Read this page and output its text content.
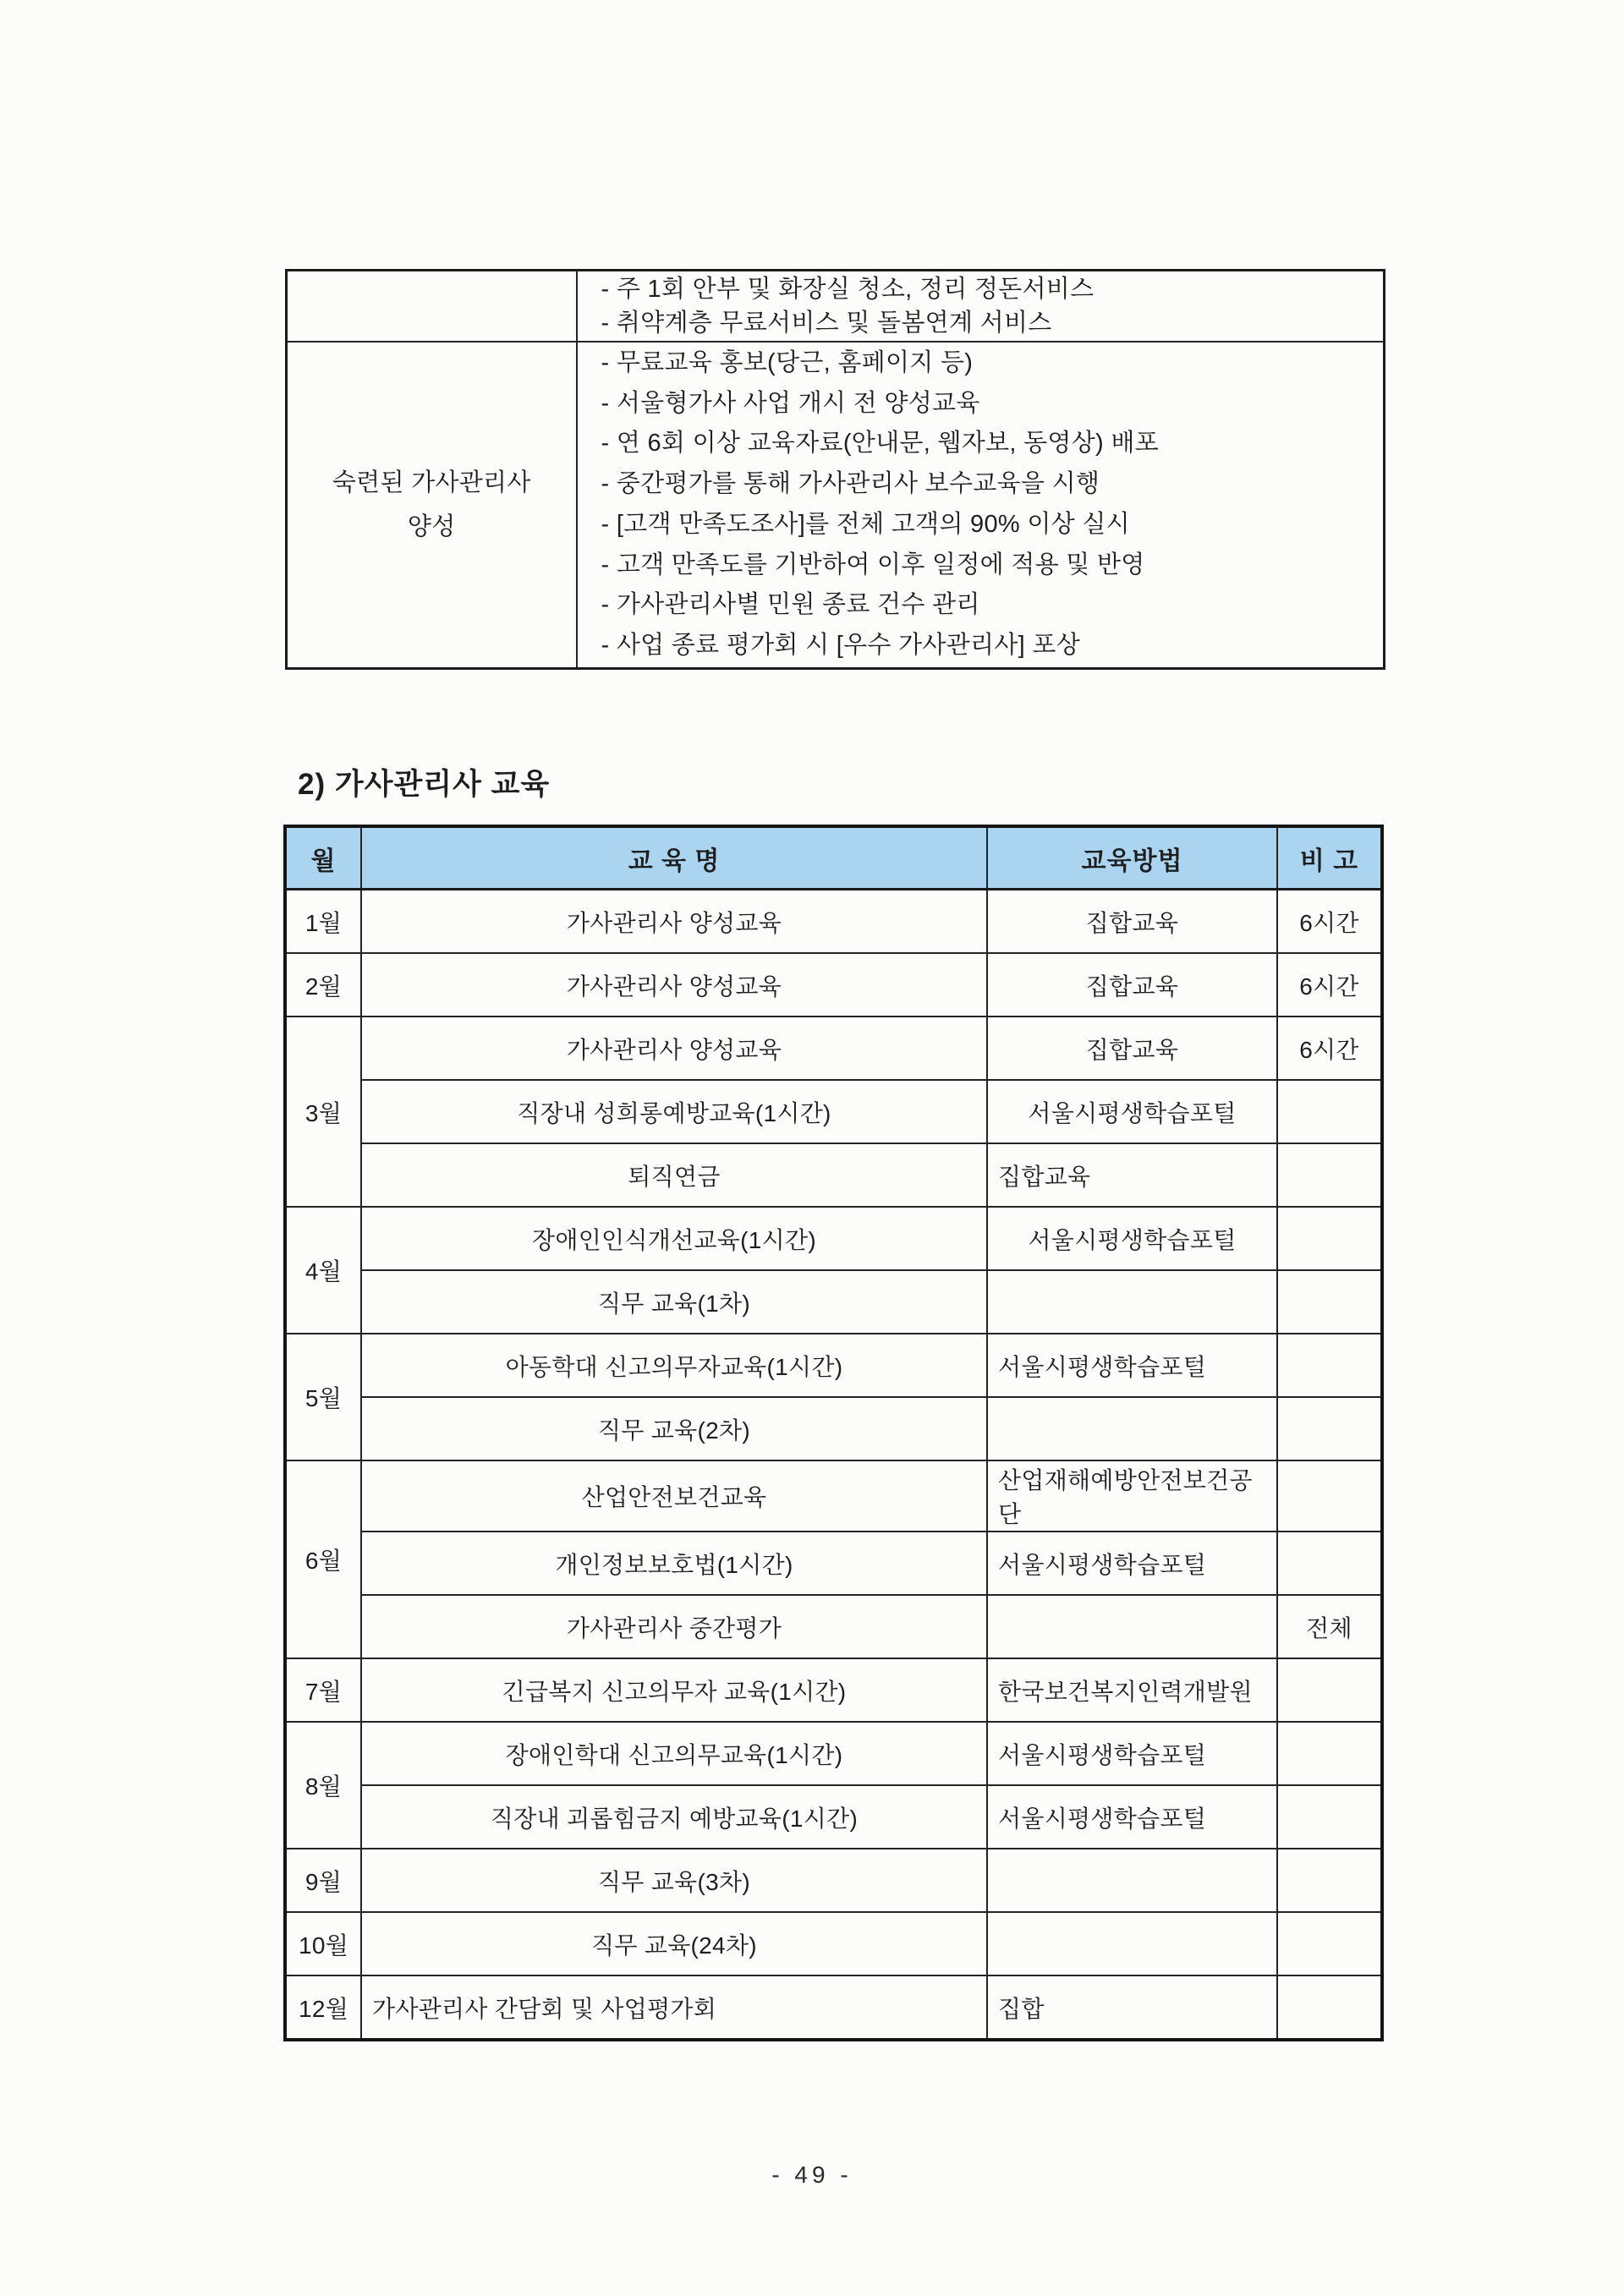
	- 주 1회 안부 및 화장실 청소, 정리 정돈서비스
- 취약계층 무료서비스 및 돌봄연계 서비스

숙련된 가사관리사
양성

- 무료교육 홍보(당근, 홈페이지 등)
- 서울형가사 사업 개시 전 양성교육
- 연 6회 이상 교육자료(안내문, 웹자보, 동영상) 배포
- 중간평가를 통해 가사관리사 보수교육을 시행
- [고객 만족도조사]를 전체 고객의 90% 이상 실시
- 고객 만족도를 기반하여 이후 일정에 적용 및 반영
- 가사관리사별 민원 종료 건수 관리
- 사업 종료 평가회 시 [우수 가사관리사] 포상
2) 가사관리사 교육
월	교 육 명	교육방법	비 고
1월	가사관리사 양성교육	집합교육	6시간
2월	가사관리사 양성교육	집합교육	6시간
3월	가사관리사 양성교육	집합교육	6시간
	직장내 성희롱예방교육(1시간)	서울시평생학습포털	
	퇴직연금	집합교육	
4월	장애인인식개선교육(1시간)	서울시평생학습포털	
	직무 교육(1차)		
5월	아동학대 신고의무자교육(1시간)	서울시평생학습포털	
	직무 교육(2차)		
6월	산업안전보건교육	산업재해예방안전보건공단	
	개인정보보호법(1시간)	서울시평생학습포털	
	가사관리사 중간평가		전체
7월	긴급복지 신고의무자 교육(1시간)	한국보건복지인력개발원	
8월	장애인학대 신고의무교육(1시간)	서울시평생학습포털	
	직장내 괴롭힘금지 예방교육(1시간)	서울시평생학습포털	
9월	직무 교육(3차)		
10월	직무 교육(24차)		
12월	가사관리사 간담회 및 사업평가회	집합	
- 49 -
